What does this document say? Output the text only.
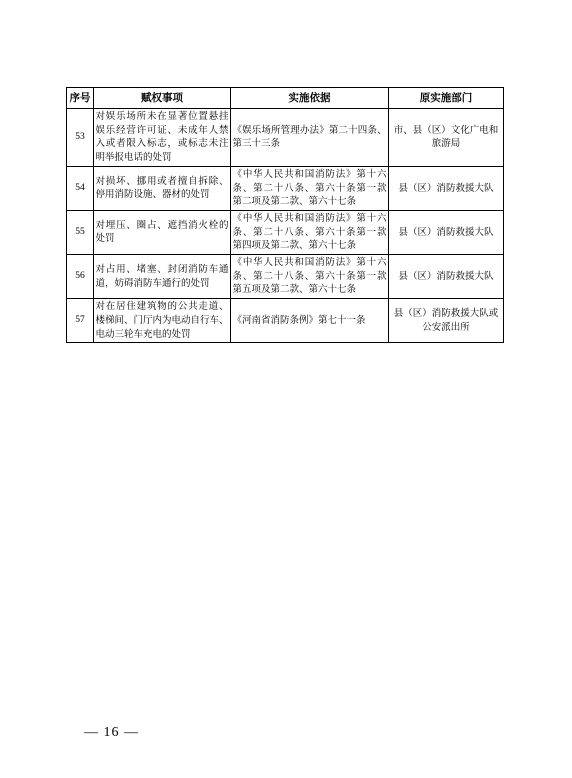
序号	赋权事项	实施依据	原实施部门
53	对娱乐场所未在显著位置悬挂
娱乐经营许可证、未成年人禁
入或者限入标志，或标志未注
明举报电话的处罚	《娱乐场所管理办法》第二十四条、
第三十三条	市、县（区）文化广电和
旅游局

54	对损坏、挪用或者擅自拆除、
停用消防设施、器材的处罚	《中华人民共和国消防法》第十六
条、第二十八条、第六十条第一款
第二项及第二款、第六十七条	县（区）消防救援大队

55	对埋压、圈占、遮挡消火栓的
处罚	《中华人民共和国消防法》第十六
条、第二十八条、第六十条第一款
第四项及第二款、第六十七条	县（区）消防救援大队

56	对占用、堵塞、封闭消防车通
道，妨碍消防车通行的处罚	《中华人民共和国消防法》第十六
条、第二十八条、第六十条第一款
第五项及第二款、第六十七条	县（区）消防救援大队

57	对在居住建筑物的公共走道、
楼梯间、门厅内为电动自行车、
电动三轮车充电的处罚	《河南省消防条例》第七十一条	县（区）消防救援大队或
公安派出所
— 16 —
